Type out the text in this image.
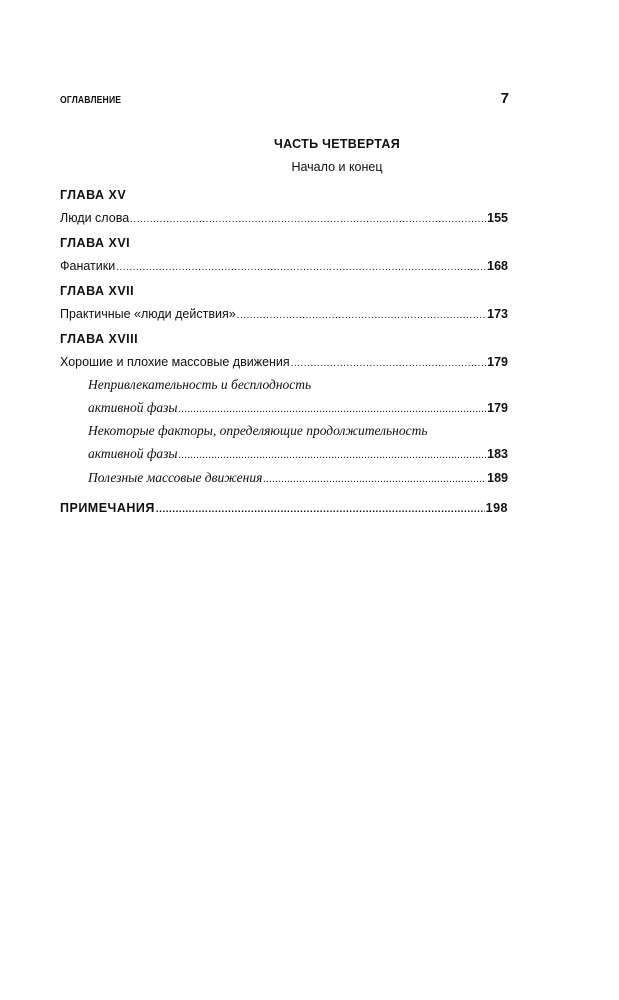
ОГЛАВЛЕНИЕ	7
ЧАСТЬ ЧЕТВЕРТАЯ
Начало и конец
ГЛАВА XV
Люди слова .....	155
ГЛАВА XVI
Фанатики .....	168
ГЛАВА XVII
Практичные «люди действия» .....	173
ГЛАВА XVIII
Хорошие и плохие массовые движения .....	179
Непривлекательность и бесплодность
активной фазы .....	179
Некоторые факторы, определяющие продолжительность
активной фазы .....	183
Полезные массовые движения .....	189
ПРИМЕЧАНИЯ .....	198
